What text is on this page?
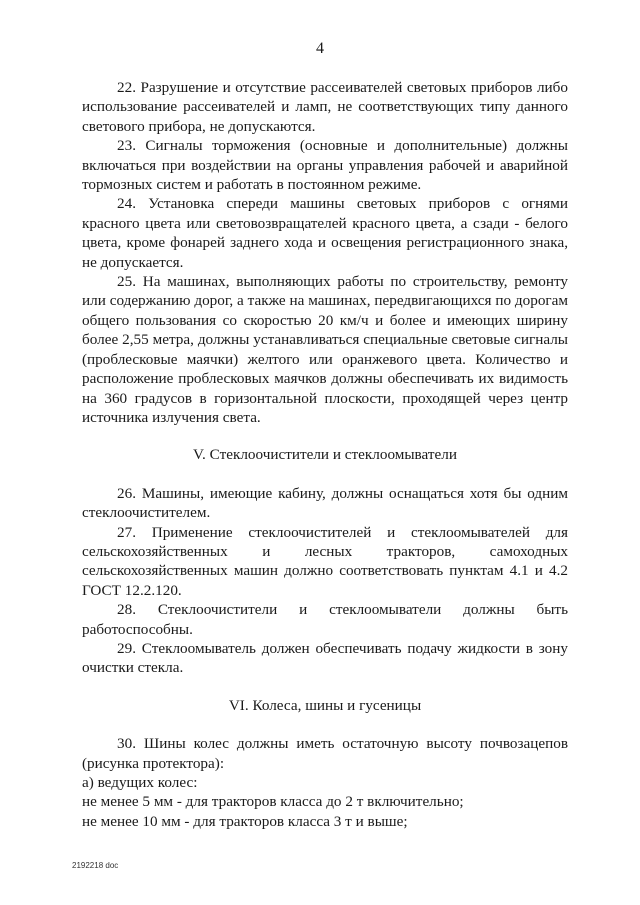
4

22. Разрушение и отсутствие рассеивателей световых приборов либо использование рассеивателей и ламп, не соответствующих типу данного светового прибора, не допускаются.

23. Сигналы торможения (основные и дополнительные) должны включаться при воздействии на органы управления рабочей и аварийной тормозных систем и работать в постоянном режиме.

24. Установка спереди машины световых приборов с огнями красного цвета или световозвращателей красного цвета, а сзади - белого цвета, кроме фонарей заднего хода и освещения регистрационного знака, не допускается.

25. На машинах, выполняющих работы по строительству, ремонту или содержанию дорог, а также на машинах, передвигающихся по дорогам общего пользования со скоростью 20 км/ч и более и имеющих ширину более 2,55 метра, должны устанавливаться специальные световые сигналы (проблесковые маячки) желтого или оранжевого цвета. Количество и расположение проблесковых маячков должны обеспечивать их видимость на 360 градусов в горизонтальной плоскости, проходящей через центр источника излучения света.

V. Стеклоочистители и стеклоомыватели

26. Машины, имеющие кабину, должны оснащаться хотя бы одним стеклоочистителем.

27. Применение стеклоочистителей и стеклоомывателей для сельскохозяйственных и лесных тракторов, самоходных сельскохозяйственных машин должно соответствовать пунктам 4.1 и 4.2 ГОСТ 12.2.120.

28. Стеклоочистители и стеклоомыватели должны быть работоспособны.

29. Стеклоомыватель должен обеспечивать подачу жидкости в зону очистки стекла.

VI. Колеса, шины и гусеницы

30. Шины колес должны иметь остаточную высоту почвозацепов (рисунка протектора):

а) ведущих колес:

не менее 5 мм - для тракторов класса до 2 т включительно;

не менее 10 мм - для тракторов класса 3 т и выше;

2192218 doc
